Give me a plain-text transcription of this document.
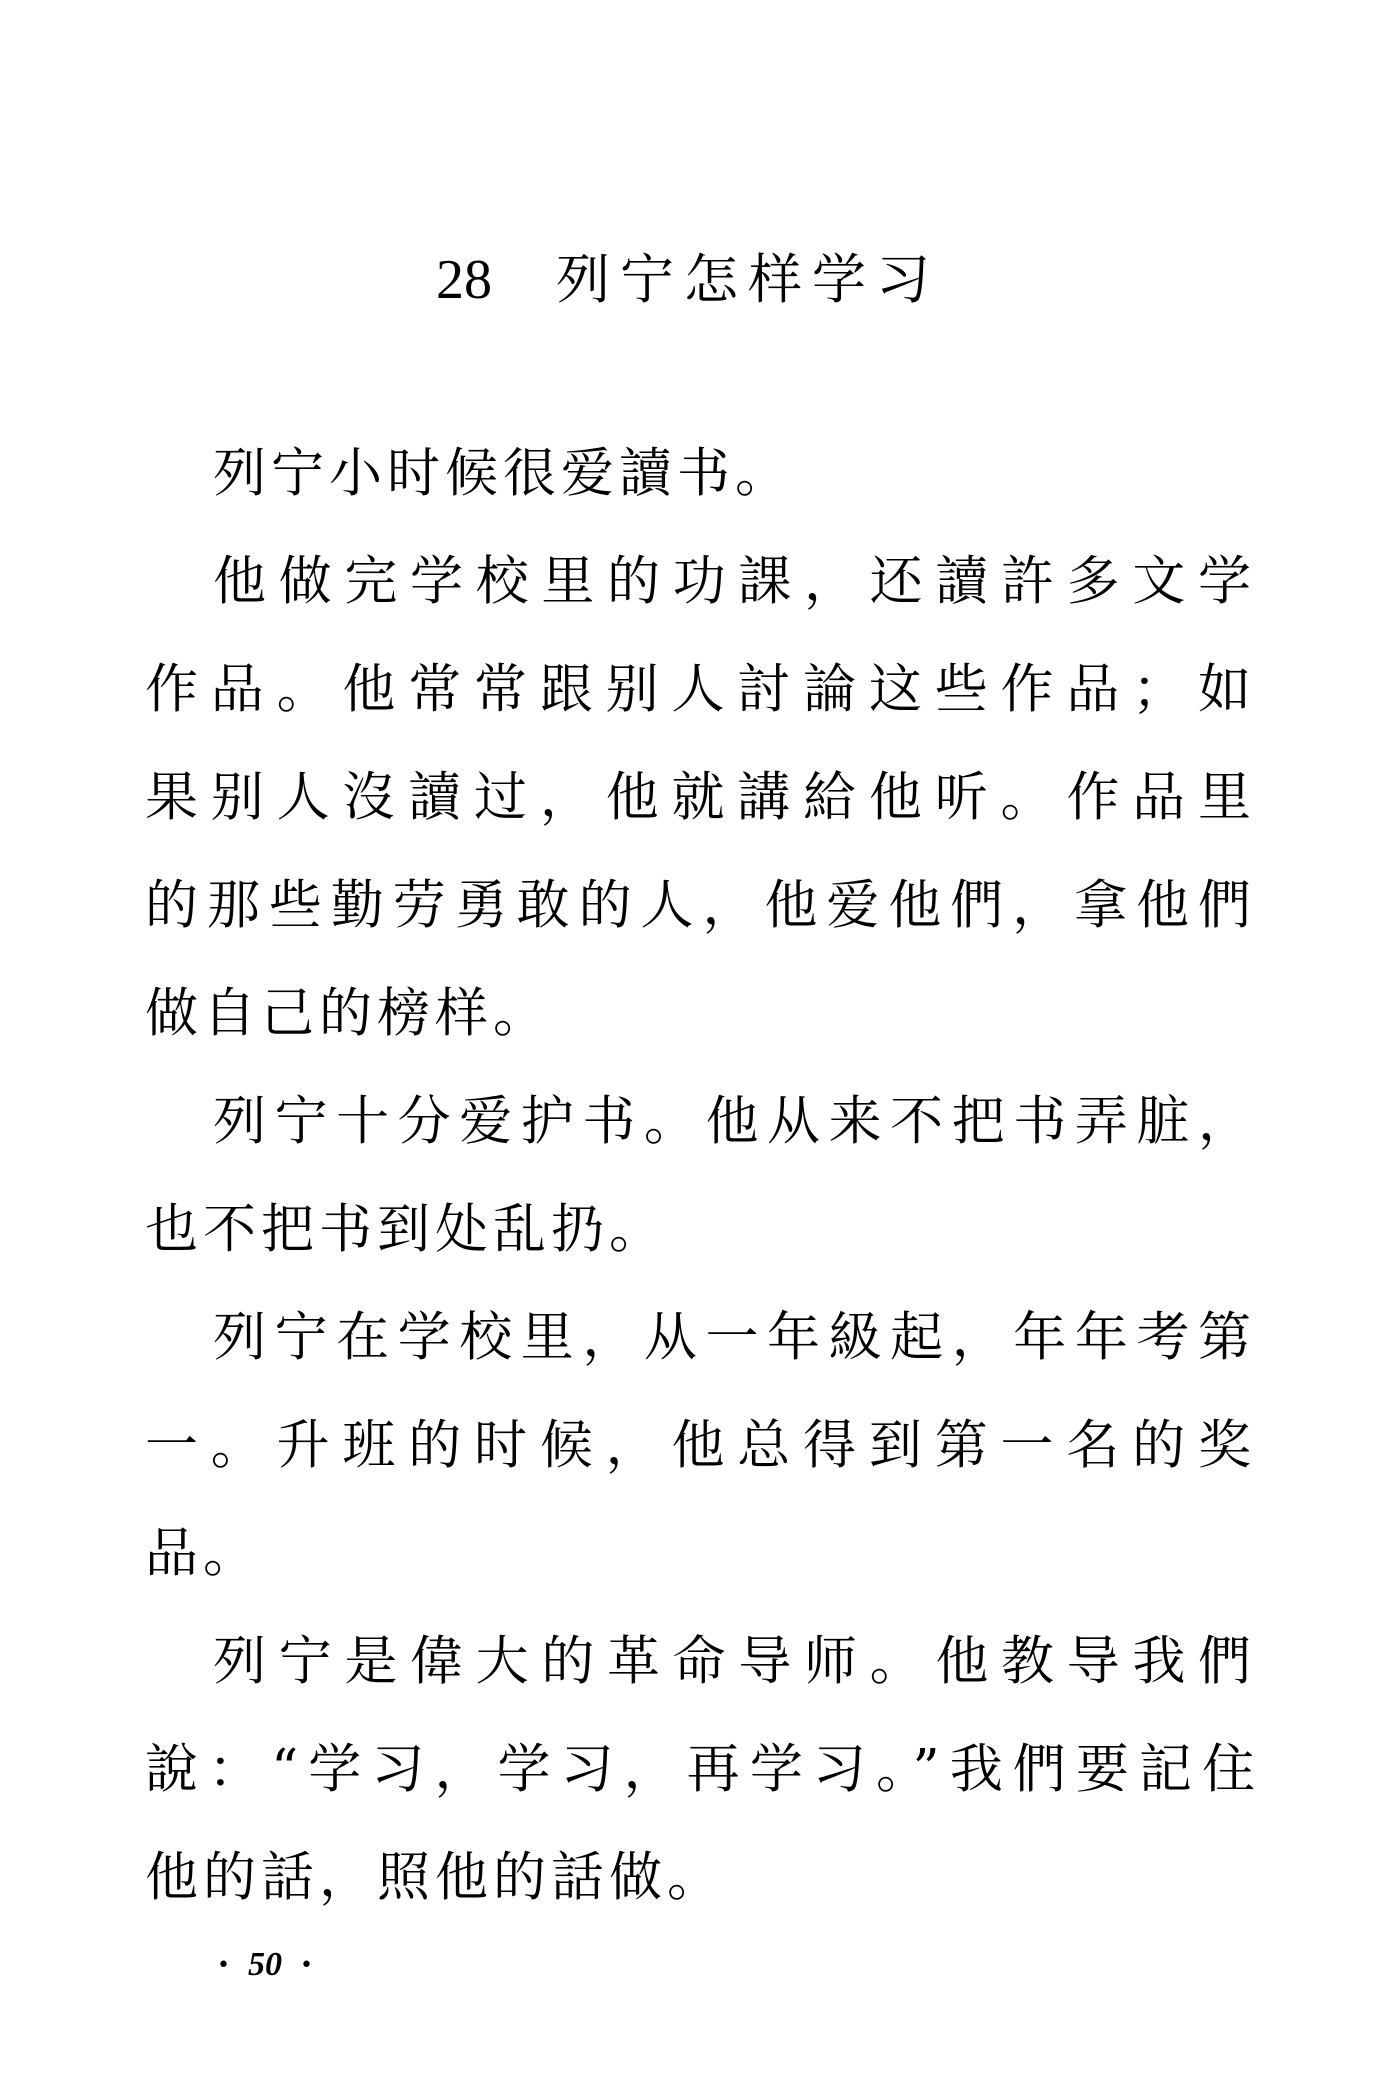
28 列宁怎样学习
列宁小时候很爱讀书。
他做完学校里的功課，还讀許多文学
作品。他常常跟别人討論这些作品；如
果别人沒讀过，他就講給他听。作品里
的那些勤劳勇敢的人，他爱他們，拿他們
做自己的榜样。
列宁十分爱护书。他从来不把书弄脏，
也不把书到处乱扔。
列宁在学校里，从一年級起，年年考第
一。升班的时候，他总得到第一名的奖
品。
列宁是偉大的革命导师。他教导我們
說：“学习，学习，再学习。”我們要記住
他的話，照他的話做。
• 50 •
